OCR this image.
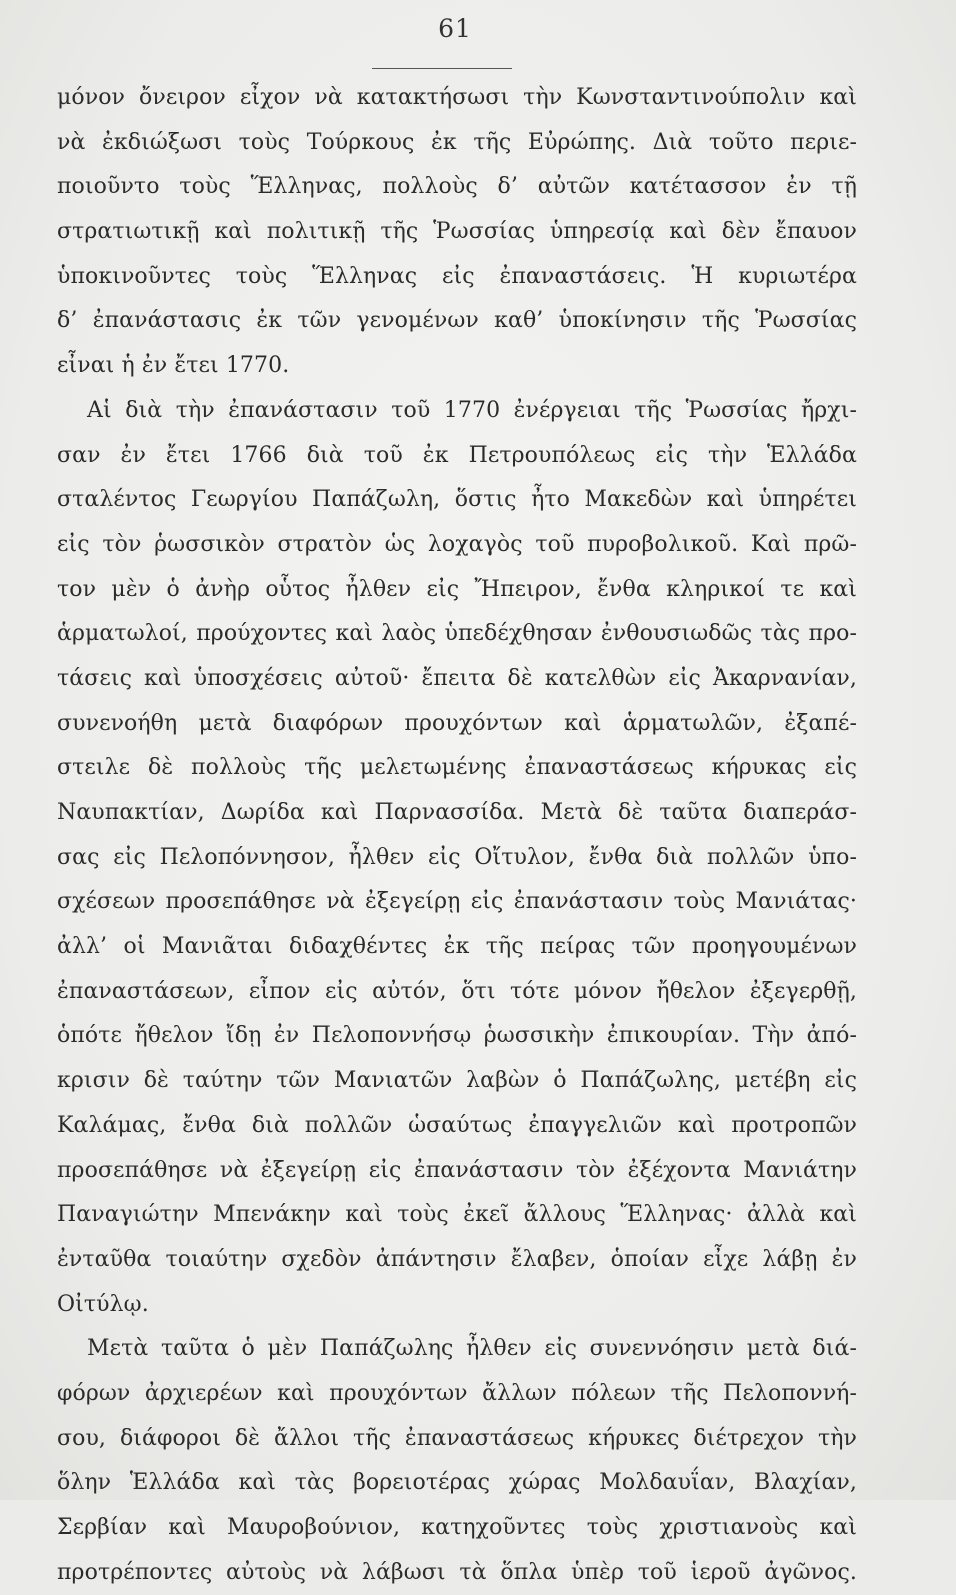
61
μόνον ὄνειρον εἶχον νὰ κατακτήσωσι τὴν Κωνσταντινούπολιν καὶ
νὰ ἐκδιώξωσι τοὺς Τούρκους ἐκ τῆς Εὐρώπης. Διὰ τοῦτο περιε-
ποιοῦντο τοὺς Ἕλληνας, πολλοὺς δ’ αὐτῶν κατέτασσον ἐν τῇ
στρατιωτικῇ καὶ πολιτικῇ τῆς Ῥωσσίας ὑπηρεσίᾳ καὶ δὲν ἔπαυον
ὑποκινοῦντες τοὺς Ἕλληνας εἰς ἐπαναστάσεις. Ἡ κυριωτέρα
δ’ ἐπανάστασις ἐκ τῶν γενομένων καθ’ ὑποκίνησιν τῆς Ῥωσσίας
εἶναι ἡ ἐν ἔτει 1770.
Αἱ διὰ τὴν ἐπανάστασιν τοῦ 1770 ἐνέργειαι τῆς Ῥωσσίας ἤρχι-
σαν ἐν ἔτει 1766 διὰ τοῦ ἐκ Πετρουπόλεως εἰς τὴν Ἑλλάδα
σταλέντος Γεωργίου Παπάζωλη, ὅστις ἦτο Μακεδὼν καὶ ὑπηρέτει
εἰς τὸν ῥωσσικὸν στρατὸν ὡς λοχαγὸς τοῦ πυροβολικοῦ. Καὶ πρῶ-
τον μὲν ὁ ἀνὴρ οὗτος ἦλθεν εἰς Ἤπειρον, ἔνθα κληρικοί τε καὶ
ἁρματωλοί, προύχοντες καὶ λαὸς ὑπεδέχθησαν ἐνθουσιωδῶς τὰς προ-
τάσεις καὶ ὑποσχέσεις αὐτοῦ· ἔπειτα δὲ κατελθὼν εἰς Ἀκαρνανίαν,
συνενοήθη μετὰ διαφόρων προυχόντων καὶ ἁρματωλῶν, ἐξαπέ-
στειλε δὲ πολλοὺς τῆς μελετωμένης ἐπαναστάσεως κήρυκας εἰς
Ναυπακτίαν, Δωρίδα καὶ Παρνασσίδα. Μετὰ δὲ ταῦτα διαπεράσ-
σας εἰς Πελοπόννησον, ἦλθεν εἰς Οἴτυλον, ἔνθα διὰ πολλῶν ὑπο-
σχέσεων προσεπάθησε νὰ ἐξεγείρῃ εἰς ἐπανάστασιν τοὺς Μανιάτας·
ἀλλ’ οἱ Μανιᾶται διδαχθέντες ἐκ τῆς πείρας τῶν προηγουμένων
ἐπαναστάσεων, εἶπον εἰς αὐτόν, ὅτι τότε μόνον ἤθελον ἐξεγερθῇ,
ὁπότε ἤθελον ἴδῃ ἐν Πελοποννήσῳ ῥωσσικὴν ἐπικουρίαν. Τὴν ἀπό-
κρισιν δὲ ταύτην τῶν Μανιατῶν λαβὼν ὁ Παπάζωλης, μετέβη εἰς
Καλάμας, ἔνθα διὰ πολλῶν ὡσαύτως ἐπαγγελιῶν καὶ προτροπῶν
προσεπάθησε νὰ ἐξεγείρῃ εἰς ἐπανάστασιν τὸν ἐξέχοντα Μανιάτην
Παναγιώτην Μπενάκην καὶ τοὺς ἐκεῖ ἄλλους Ἕλληνας· ἀλλὰ καὶ
ἐνταῦθα τοιαύτην σχεδὸν ἀπάντησιν ἔλαβεν, ὁποίαν εἶχε λάβῃ ἐν
Οἰτύλῳ.
Μετὰ ταῦτα ὁ μὲν Παπάζωλης ἦλθεν εἰς συνεννόησιν μετὰ διά-
φόρων ἀρχιερέων καὶ προυχόντων ἄλλων πόλεων τῆς Πελοποννή-
σου, διάφοροι δὲ ἄλλοι τῆς ἐπαναστάσεως κήρυκες διέτρεχον τὴν
ὅλην Ἑλλάδα καὶ τὰς βορειοτέρας χώρας Μολδαυΐαν, Βλαχίαν,
Σερβίαν καὶ Μαυροβούνιον, κατηχοῦντες τοὺς χριστιανοὺς καὶ
προτρέποντες αὐτοὺς νὰ λάβωσι τὰ ὅπλα ὑπὲρ τοῦ ἱεροῦ ἀγῶνος.
